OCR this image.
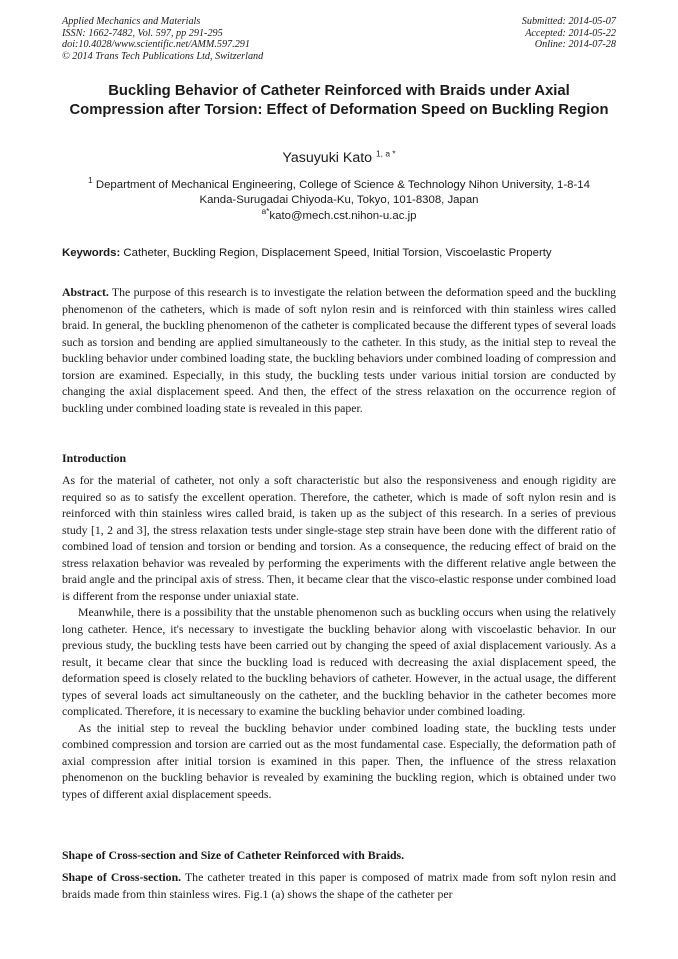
Applied Mechanics and Materials
ISSN: 1662-7482, Vol. 597, pp 291-295
doi:10.4028/www.scientific.net/AMM.597.291
© 2014 Trans Tech Publications Ltd, Switzerland
Submitted: 2014-05-07
Accepted: 2014-05-22
Online: 2014-07-28
Buckling Behavior of Catheter Reinforced with Braids under Axial Compression after Torsion: Effect of Deformation Speed on Buckling Region
Yasuyuki Kato $^{1, a *}$
$^1$ Department of Mechanical Engineering, College of Science & Technology Nihon University, 1-8-14
Kanda-Surugadai Chiyoda-Ku, Tokyo, 101-8308, Japan
$^{a*}$kato@mech.cst.nihon-u.ac.jp
Keywords: Catheter, Buckling Region, Displacement Speed, Initial Torsion, Viscoelastic Property

Abstract. The purpose of this research is to investigate the relation between the deformation speed and the buckling phenomenon of the catheters, which is made of soft nylon resin and is reinforced with thin stainless wires called braid. In general, the buckling phenomenon of the catheter is complicated because the different types of several loads such as torsion and bending are applied simultaneously to the catheter. In this study, as the initial step to reveal the buckling behavior under combined loading state, the buckling behaviors under combined loading of compression and torsion are examined. Especially, in this study, the buckling tests under various initial torsion are conducted by changing the axial displacement speed. And then, the effect of the stress relaxation on the occurrence region of buckling under combined loading state is revealed in this paper.

Introduction

As for the material of catheter, not only a soft characteristic but also the responsiveness and enough rigidity are required so as to satisfy the excellent operation. Therefore, the catheter, which is made of soft nylon resin and is reinforced with thin stainless wires called braid, is taken up as the subject of this research. In a series of previous study [1, 2 and 3], the stress relaxation tests under single-stage step strain have been done with the different ratio of combined load of tension and torsion or bending and torsion. As a consequence, the reducing effect of braid on the stress relaxation behavior was revealed by performing the experiments with the different relative angle between the braid angle and the principal axis of stress. Then, it became clear that the visco-elastic response under combined load is different from the response under uniaxial state.

Meanwhile, there is a possibility that the unstable phenomenon such as buckling occurs when using the relatively long catheter. Hence, it's necessary to investigate the buckling behavior along with viscoelastic behavior. In our previous study, the buckling tests have been carried out by changing the speed of axial displacement variously. As a result, it became clear that since the buckling load is reduced with decreasing the axial displacement speed, the deformation speed is closely related to the buckling behaviors of catheter. However, in the actual usage, the different types of several loads act simultaneously on the catheter, and the buckling behavior in the catheter becomes more complicated. Therefore, it is necessary to examine the buckling behavior under combined loading.

As the initial step to reveal the buckling behavior under combined loading state, the buckling tests under combined compression and torsion are carried out as the most fundamental case. Especially, the deformation path of axial compression after initial torsion is examined in this paper. Then, the influence of the stress relaxation phenomenon on the buckling behavior is revealed by examining the buckling region, which is obtained under two types of different axial displacement speeds.

Shape of Cross-section and Size of Catheter Reinforced with Braids.

Shape of Cross-section. The catheter treated in this paper is composed of matrix made from soft nylon resin and braids made from thin stainless wires. Fig.1 (a) shows the shape of the catheter per
